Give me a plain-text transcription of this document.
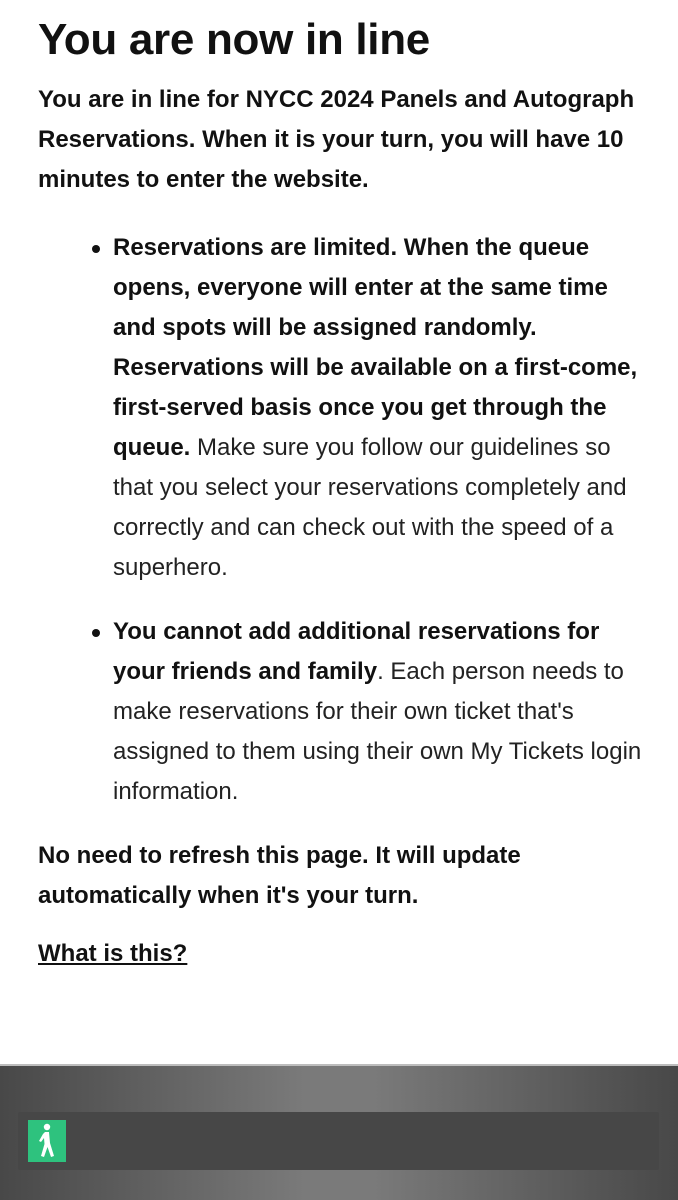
You are now in line

You are in line for NYCC 2024 Panels and Autograph Reservations. When it is your turn, you will have 10 minutes to enter the website.

Reservations are limited. When the queue opens, everyone will enter at the same time and spots will be assigned randomly. Reservations will be available on a first-come, first-served basis once you get through the queue. Make sure you follow our guidelines so that you select your reservations completely and correctly and can check out with the speed of a superhero.
You cannot add additional reservations for your friends and family. Each person needs to make reservations for their own ticket that's assigned to them using their own My Tickets login information.

No need to refresh this page. It will update automatically when it's your turn.

What is this?
